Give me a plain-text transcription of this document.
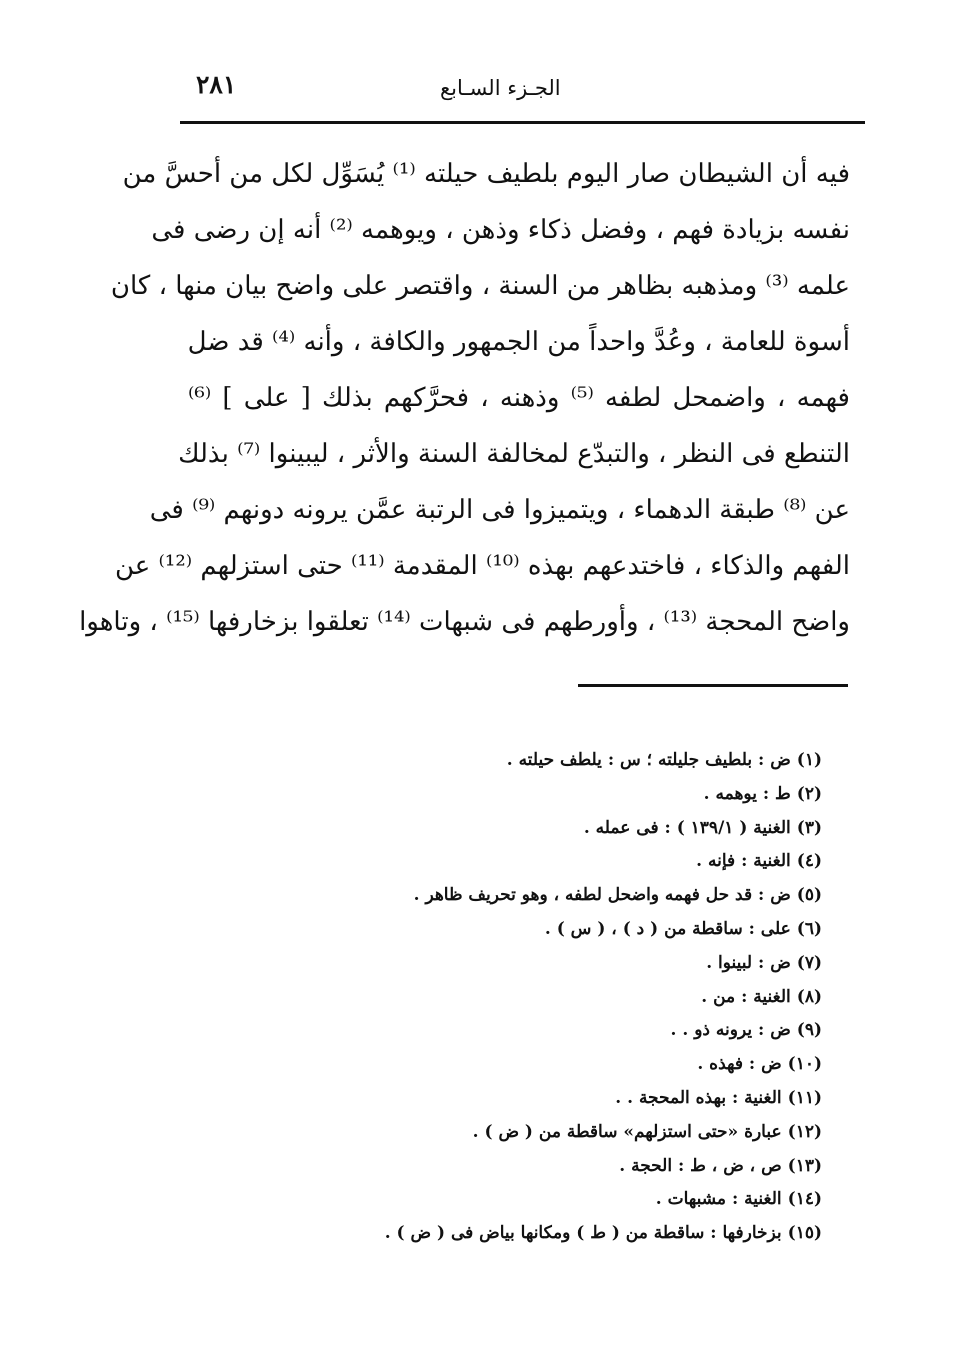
٢٨١	الجـزء السـابع
فيه أن الشيطان صار اليوم بلطيف حيلته ⁽¹⁾ يُسَوِّل لكل من أحسَّ من
نفسه بزيادة فهم ، وفضل ذكاء وذهن ، ويوهمه ⁽²⁾ أنه إن رضى فى
علمه ⁽³⁾ ومذهبه بظاهر من السنة ، واقتصر على واضح بيان منها ، كان
أسوة للعامة ، وعُدَّ واحداً من الجمهور والكافة ، وأنه ⁽⁴⁾ قد ضل
فهمه ، واضمحل لطفه ⁽⁵⁾ وذهنه ، فحرَّكهم بذلك [ على ] ⁽⁶⁾
التنطع فى النظر ، والتبدّع لمخالفة السنة والأثر ، ليبينوا ⁽⁷⁾ بذلك
عن ⁽⁸⁾ طبقة الدهماء ، ويتميزوا فى الرتبة عمَّن يرونه دونهم ⁽⁹⁾ فى
الفهم والذكاء ، فاختدعهم بهذه ⁽¹⁰⁾ المقدمة ⁽¹¹⁾ حتى استزلهم ⁽¹²⁾ عن
واضح المحجة ⁽¹³⁾ ، وأورطهم فى شبهات ⁽¹⁴⁾ تعلقوا بزخارفها ⁽¹⁵⁾ ، وتاهوا
(١)ض : بلطيف جليلته ؛ س : يلطف حيلته .
(٢)ط : يوهمه .
(٣)الغنية ( ١٣٩/١ ) : فى عمله .
(٤)الغنية : فإنه .
(٥)ض : قد حل فهمه واضحل لطفه ، وهو تحريف ظاهر .
(٦)على : ساقطة من ( د ) ، ( س ) .
(٧)ض : لبينوا .
(٨)الغنية : من .
(٩)ض : يرونه ذو . .
(١٠)ض : فهذه .
(١١)الغنية : بهذه المحجة . .
(١٢)عبارة «حتى استزلهم» ساقطة من ( ض ) .
(١٣)ص ، ض ، ط : الحجة .
(١٤)الغنية : مشبهات .
(١٥)بزخارفها : ساقطة من ( ط ) ومكانها بياض فى ( ض ) .
